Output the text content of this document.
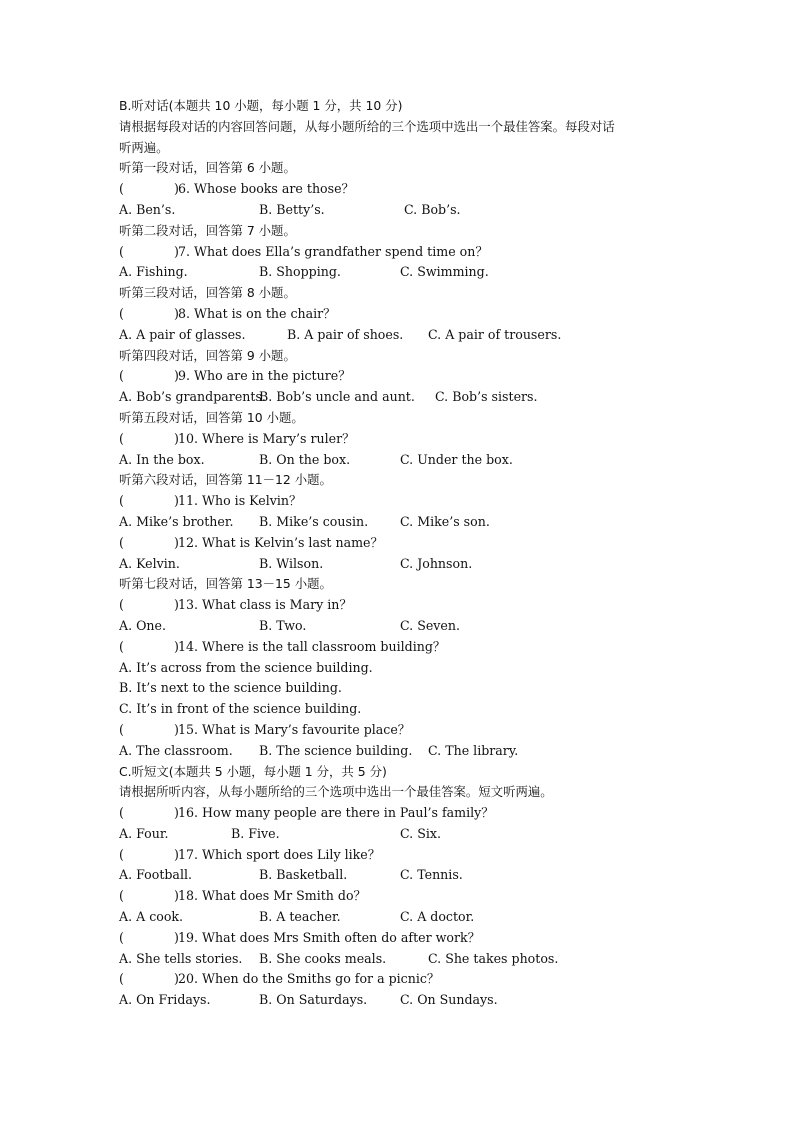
B.听对话(本题共 10 小题，每小题 1 分，共 10 分)
请根据每段对话的内容回答问题，从每小题所给的三个选项中选出一个最佳答案。每段对话
听两遍。
听第一段对话，回答第 6 小题。
(	) 6. Whose books are those？
A. Ben’s.	B. Betty’s.	C. Bob’s.
听第二段对话，回答第 7 小题。
(	) 7. What does Ella’s grandfather spend time on？
A. Fishing.	B. Shopping.	C. Swimming.
听第三段对话，回答第 8 小题。
(	) 8. What is on the chair？
A. A pair of glasses.	B. A pair of shoes. C. A pair of trousers.
听第四段对话，回答第 9 小题。
(	) 9. Who are in the picture？
A. Bob’s grandparents.
B. Bob’s uncle and aunt. C. Bob’s sisters.
听第五段对话，回答第 10 小题。
(	) 10. Where is Mary’s ruler？
A. In the box.	B. On the box.	C. Under the box.
听第六段对话，回答第 11－12 小题。
(	) 11. Who is Kelvin？
A. Mike’s brother. B. Mike’s cousin.	C. Mike’s son.
(	) 12. What is Kelvin’s last name？
A. Kelvin.	B. Wilson.	C. Johnson.
听第七段对话，回答第 13－15 小题。
(	) 13. What class is Mary in？
A. One.	B. Two.	C. Seven.
(	) 14. Where is the tall classroom building？
A. It’s across from the science building.
B. It’s next to the science building.
C. It’s in front of the science building.
(	) 15. What is Mary’s favourite place？
A. The classroom. B. The science building. C. The library.
C.听短文(本题共 5 小题，每小题 1 分，共 5 分)
请根据所听内容，从每小题所给的三个选项中选出一个最佳答案。短文听两遍。
(	) 16. How many people are there in Paul’s family？
A. Four.	B. Five.	C. Six.
(	) 17. Which sport does Lily like？
A. Football.	B. Basketball.	C. Tennis.
(	) 18. What does Mr Smith do？
A. A cook.	B. A teacher.	C. A doctor.
(	) 19. What does Mrs Smith often do after work？
A. She tells stories. B. She cooks meals.	C. She takes photos.
(	) 20. When do the Smiths go for a picnic？
A. On Fridays.	B. On Saturdays.	C. On Sundays.
